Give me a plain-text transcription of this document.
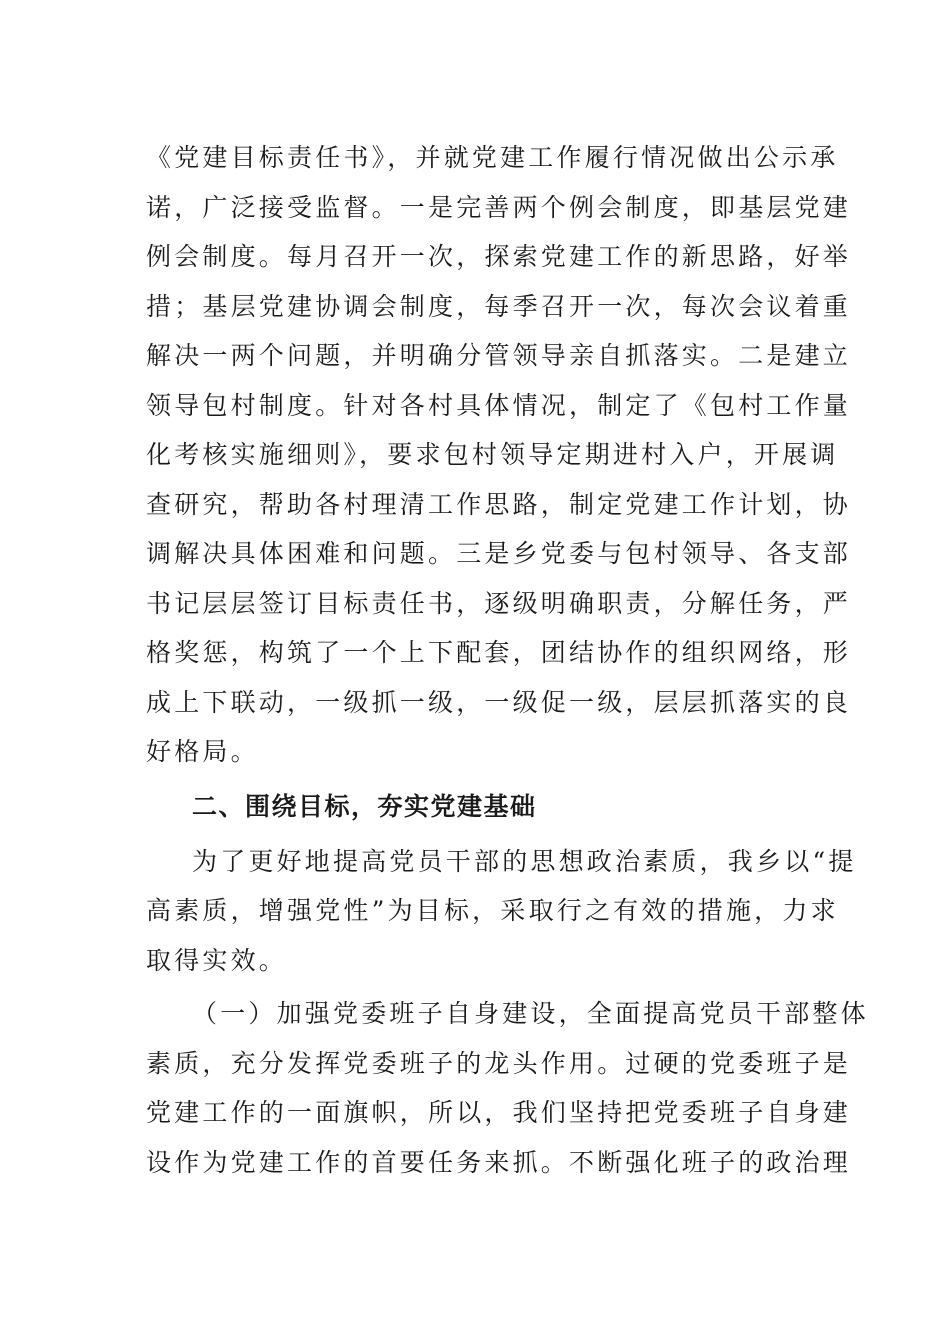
《党建目标责任书》，并就党建工作履行情况做出公示承
诺，广泛接受监督。一是完善两个例会制度，即基层党建
例会制度。每月召开一次，探索党建工作的新思路，好举
措；基层党建协调会制度，每季召开一次，每次会议着重
解决一两个问题，并明确分管领导亲自抓落实。二是建立
领导包村制度。针对各村具体情况，制定了《包村工作量
化考核实施细则》，要求包村领导定期进村入户，开展调
查研究，帮助各村理清工作思路，制定党建工作计划，协
调解决具体困难和问题。三是乡党委与包村领导、各支部
书记层层签订目标责任书，逐级明确职责，分解任务，严
格奖惩，构筑了一个上下配套，团结协作的组织网络，形
成上下联动，一级抓一级，一级促一级，层层抓落实的良
好格局。
二、围绕目标，夯实党建基础
为了更好地提高党员干部的思想政治素质，我乡以“提
高素质，增强党性”为目标，采取行之有效的措施，力求
取得实效。
（一）加强党委班子自身建设，全面提高党员干部整体
素质，充分发挥党委班子的龙头作用。过硬的党委班子是
党建工作的一面旗帜，所以，我们坚持把党委班子自身建
设作为党建工作的首要任务来抓。不断强化班子的政治理
